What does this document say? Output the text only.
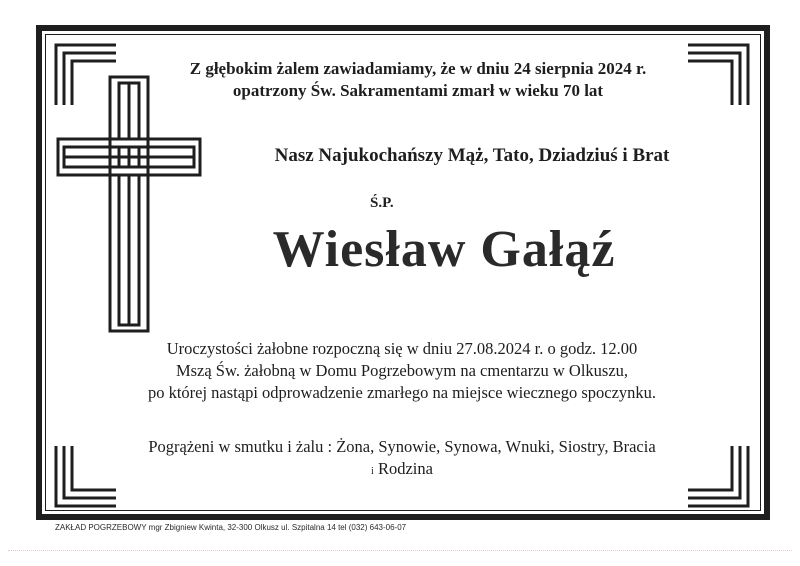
Z głębokim żalem zawiadamiamy, że w dniu 24 sierpnia 2024 r.
opatrzony Św. Sakramentami zmarł w wieku 70 lat
Nasz Najukochańszy Mąż, Tato, Dziadziuś i Brat
Ś.P.
Wiesław Gałąź
Uroczystości żałobne rozpoczną się w dniu 27.08.2024 r. o godz. 12.00
Mszą Św. żałobną w Domu Pogrzebowym na cmentarzu w Olkuszu,
po której nastąpi odprowadzenie zmarłego na miejsce wiecznego spoczynku.
Pogrążeni w smutku i żalu : Żona, Synowie, Synowa, Wnuki, Siostry, Bracia
i Rodzina
ZAKŁAD POGRZEBOWY mgr Zbigniew Kwinta, 32-300 Olkusz ul. Szpitalna 14 tel (032) 643-06-07
